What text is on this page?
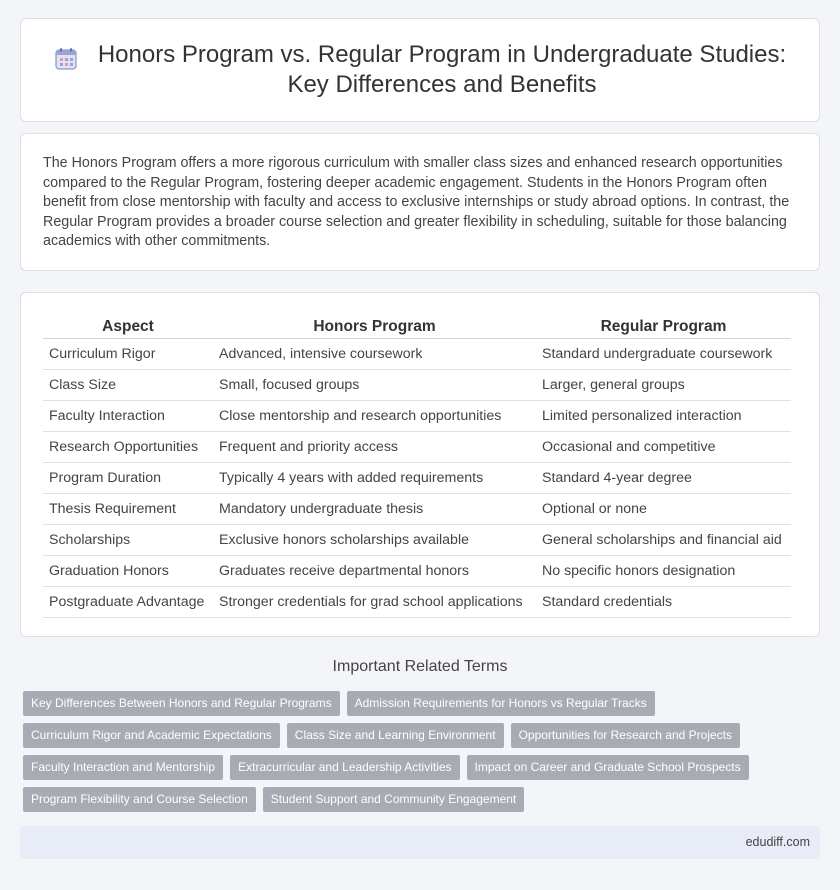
Honors Program vs. Regular Program in Undergraduate Studies: Key Differences and Benefits

The Honors Program offers a more rigorous curriculum with smaller class sizes and enhanced research opportunities compared to the Regular Program, fostering deeper academic engagement. Students in the Honors Program often benefit from close mentorship with faculty and access to exclusive internships or study abroad options. In contrast, the Regular Program provides a broader course selection and greater flexibility in scheduling, suitable for those balancing academics with other commitments.

Aspect	Honors Program	Regular Program
Curriculum Rigor	Advanced, intensive coursework	Standard undergraduate coursework
Class Size	Small, focused groups	Larger, general groups
Faculty Interaction	Close mentorship and research opportunities	Limited personalized interaction
Research Opportunities	Frequent and priority access	Occasional and competitive
Program Duration	Typically 4 years with added requirements	Standard 4-year degree
Thesis Requirement	Mandatory undergraduate thesis	Optional or none
Scholarships	Exclusive honors scholarships available	General scholarships and financial aid
Graduation Honors	Graduates receive departmental honors	No specific honors designation
Postgraduate Advantage	Stronger credentials for grad school applications	Standard credentials
Important Related Terms
Key Differences Between Honors and Regular Programs	Admission Requirements for Honors vs Regular Tracks
Curriculum Rigor and Academic Expectations	Class Size and Learning Environment	Opportunities for Research and Projects
Faculty Interaction and Mentorship	Extracurricular and Leadership Activities	Impact on Career and Graduate School Prospects
Program Flexibility and Course Selection	Student Support and Community Engagement
edudiff.com
